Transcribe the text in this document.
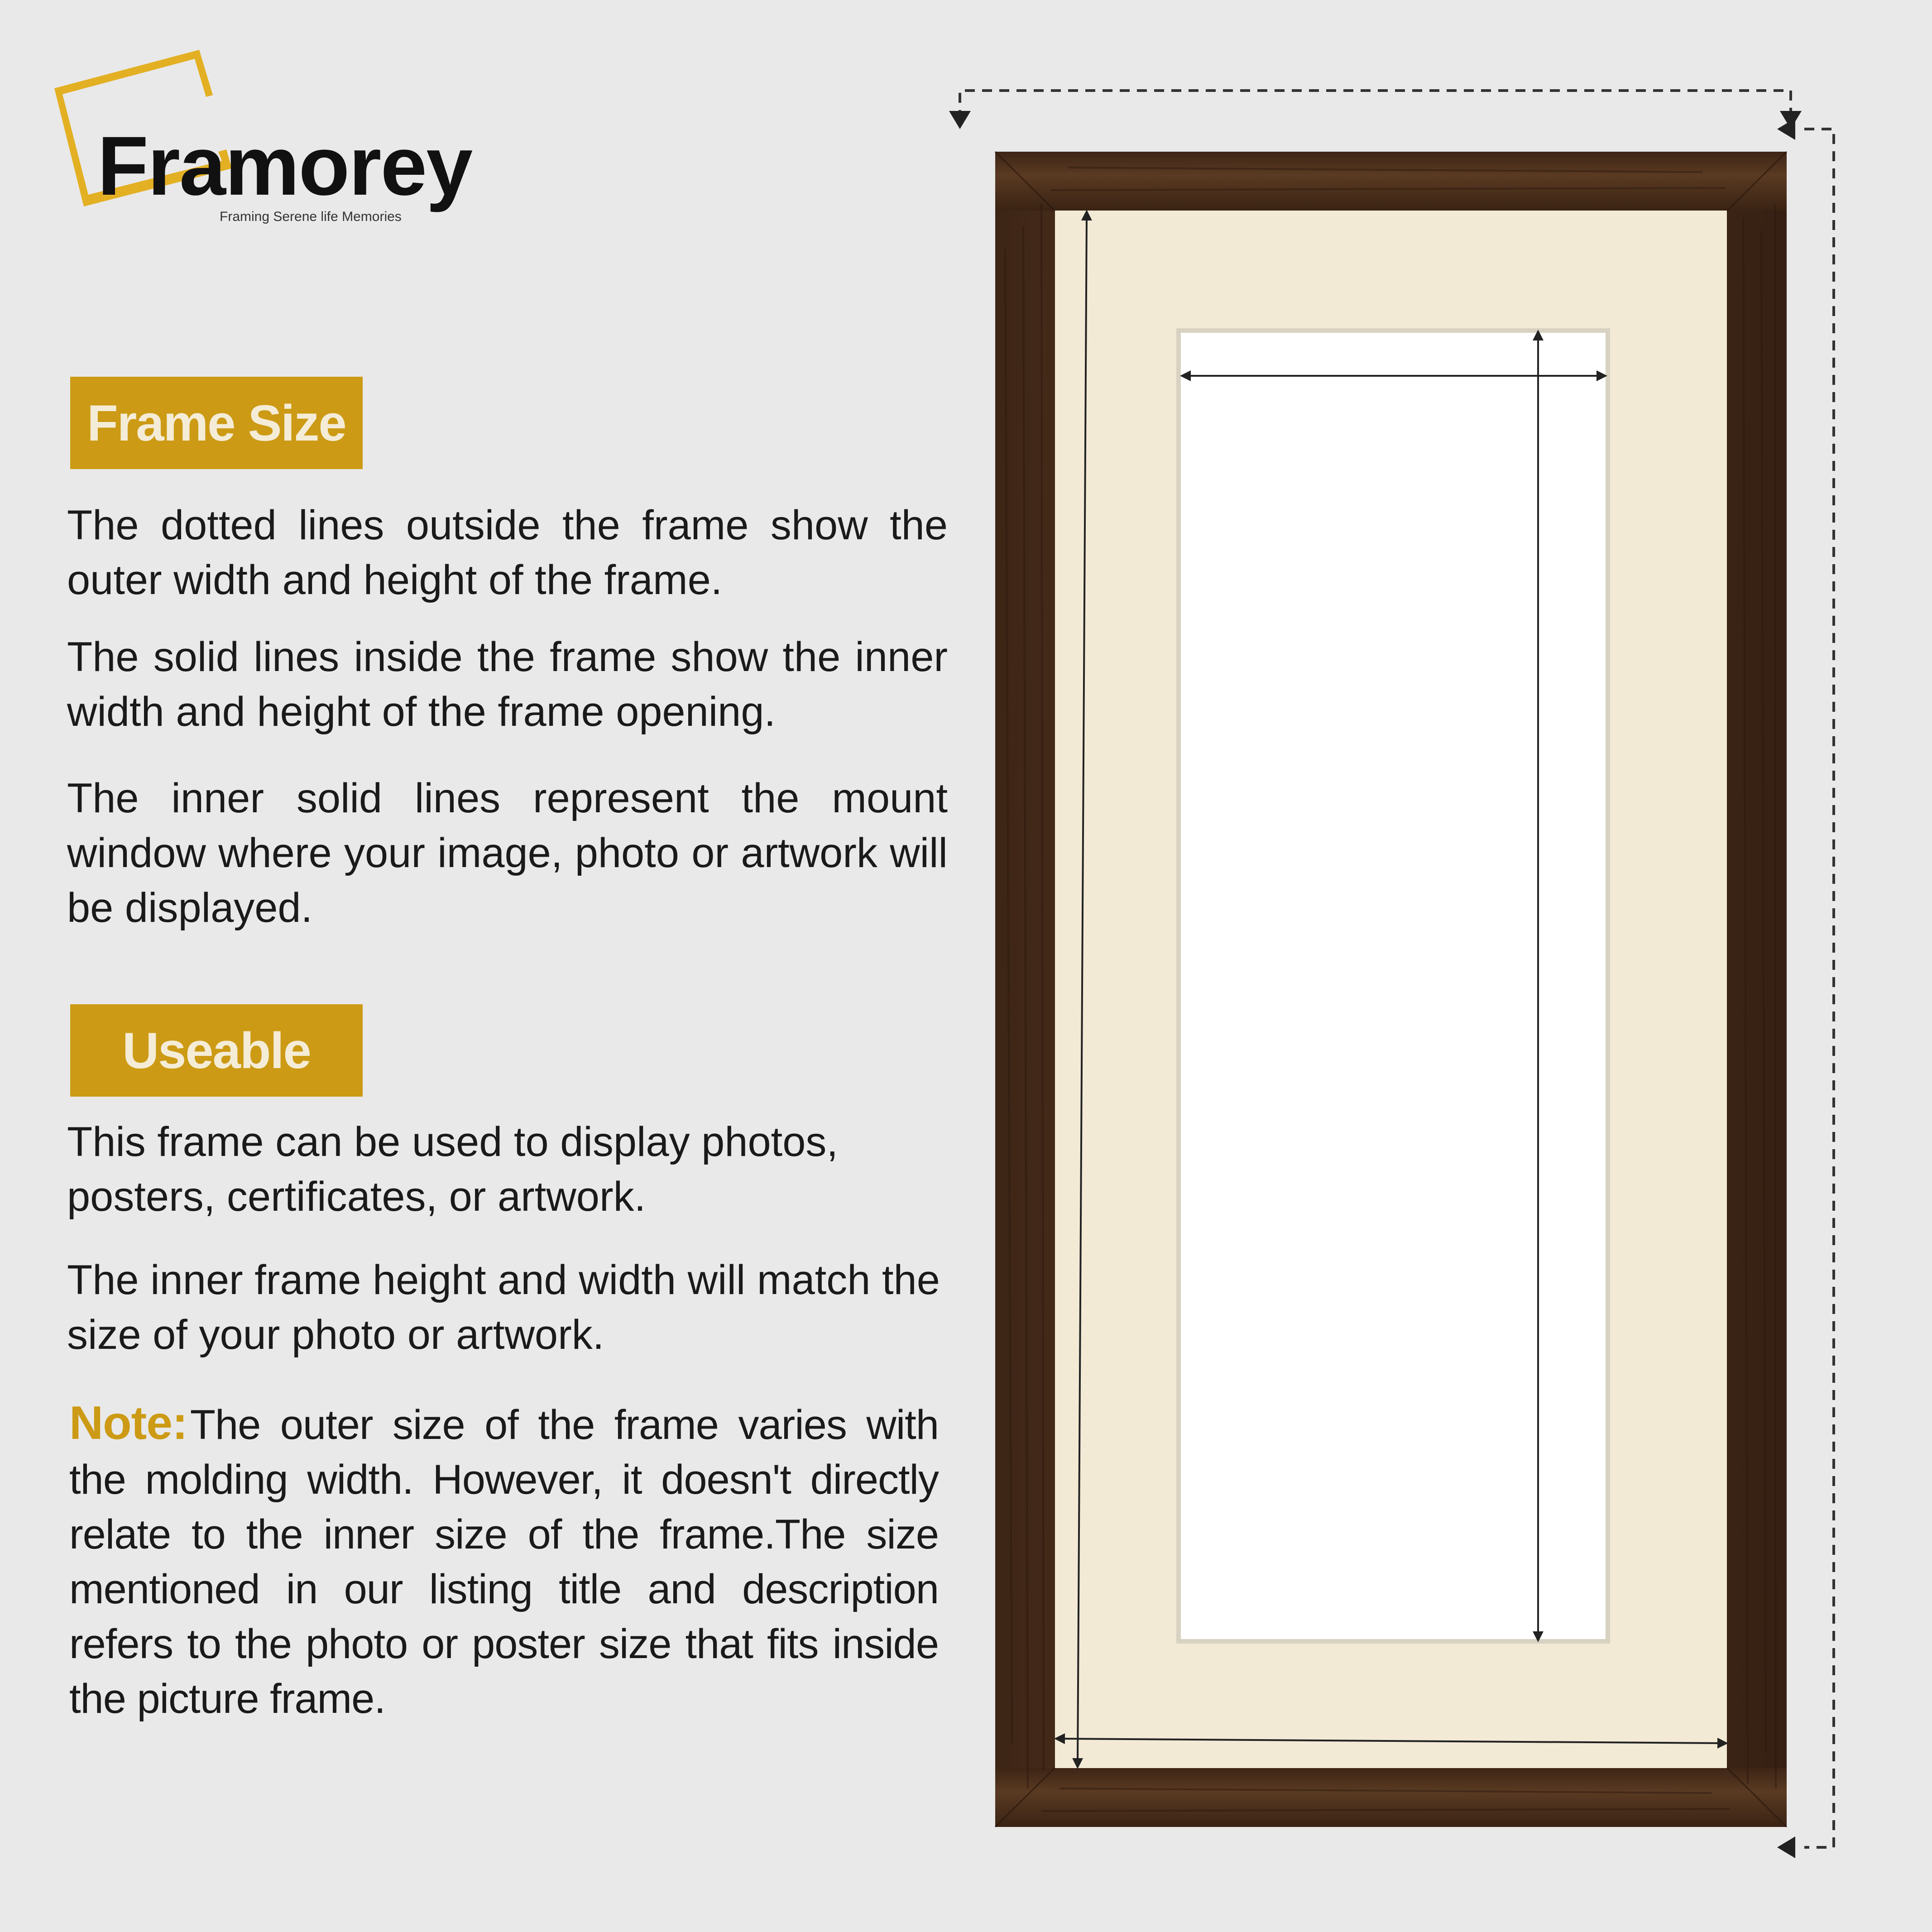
Framorey
Framing Serene life Memories
Frame Size
The dotted lines outside the frame show the outer width and height of the frame.
The solid lines inside the frame show the inner width and height of the frame opening.
The inner solid lines represent the mount window where your image, photo or artwork will be displayed.
Useable
This frame can be used to display photos, posters, certificates, or artwork.
The inner frame height and width will match the size of your photo or artwork.
Note:The outer size of the frame varies with the molding width. However, it doesn't directly relate to the inner size of the frame.The size mentioned in our listing title and description refers to the photo or poster size that fits inside the picture frame.
